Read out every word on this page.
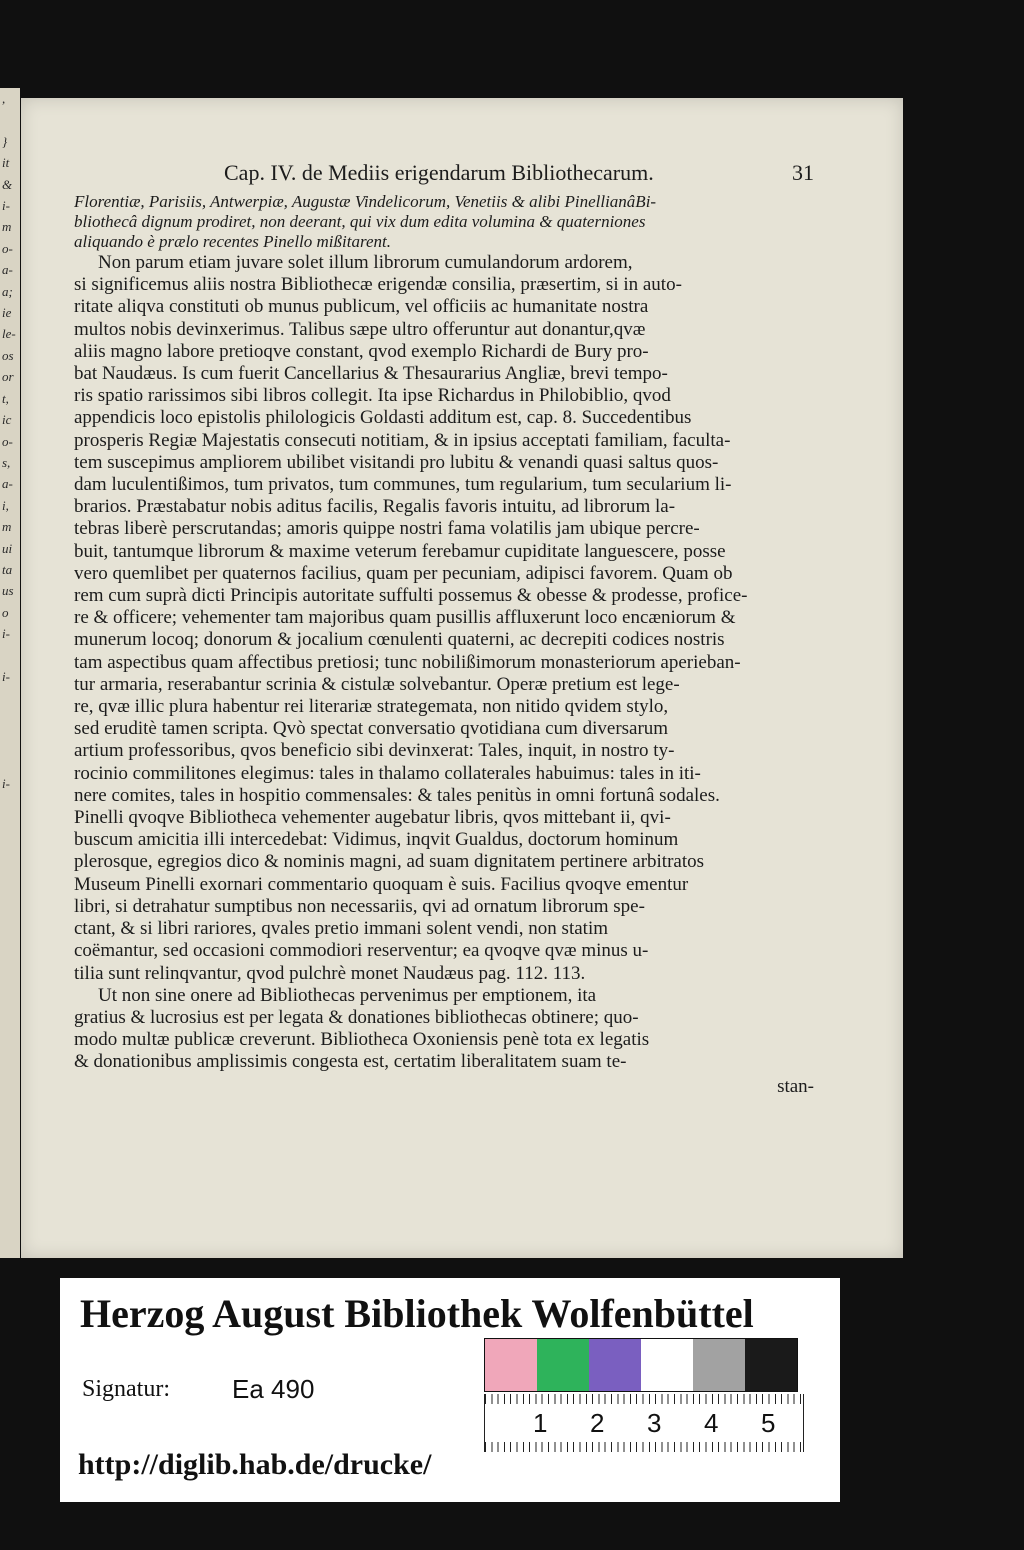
,

}
it
&
i-
m
o-
a-
a;
ie
le-
os
or
t,
ic
o-
s,
a-
i,
m
ui
ta
us
o
i-

i-

i-

Cap. IV. de Mediis erigendarum Bibliothecarum.	31
Florentiæ, Parisiis, Antwerpiæ, Augustæ Vindelicorum, Venetiis & alibi PinellianâBi-
bliothecâ dignum prodiret, non deerant, qui vix dum edita volumina & quaterniones
aliquando è prælo recentes Pinello mißitarent.
Non parum etiam juvare solet illum librorum cumulandorum ardorem,
si significemus aliis nostra Bibliothecæ erigendæ consilia, præsertim, si in auto-
ritate aliqva constituti ob munus publicum, vel officiis ac humanitate nostra
multos nobis devinxerimus. Talibus sæpe ultro offeruntur aut donantur,qvæ
aliis magno labore pretioqve constant, qvod exemplo Richardi de Bury pro-
bat Naudæus. Is cum fuerit Cancellarius & Thesaurarius Angliæ, brevi tempo-
ris spatio rarissimos sibi libros collegit. Ita ipse Richardus in Philobiblio, qvod
appendicis loco epistolis philologicis Goldasti additum est, cap. 8. Succedentibus
prosperis Regiæ Majestatis consecuti notitiam, & in ipsius acceptati familiam, faculta-
tem suscepimus ampliorem ubilibet visitandi pro lubitu & venandi quasi saltus quos-
dam luculentißimos, tum privatos, tum communes, tum regularium, tum secularium li-
brarios. Præstabatur nobis aditus facilis, Regalis favoris intuitu, ad librorum la-
tebras liberè perscrutandas; amoris quippe nostri fama volatilis jam ubique percre-
buit, tantumque librorum & maxime veterum ferebamur cupiditate languescere, posse
vero quemlibet per quaternos facilius, quam per pecuniam, adipisci favorem. Quam ob
rem cum suprà dicti Principis autoritate suffulti possemus & obesse & prodesse, profice-
re & officere; vehementer tam majoribus quam pusillis affluxerunt loco encæniorum &
munerum locoq; donorum & jocalium cœnulenti quaterni, ac decrepiti codices nostris
tam aspectibus quam affectibus pretiosi; tunc nobilißimorum monasteriorum aperieban-
tur armaria, reserabantur scrinia & cistulæ solvebantur. Operæ pretium est lege-
re, qvæ illic plura habentur rei literariæ strategemata, non nitido qvidem stylo,
sed eruditè tamen scripta. Qvò spectat conversatio qvotidiana cum diversarum
artium professoribus, qvos beneficio sibi devinxerat: Tales, inquit, in nostro ty-
rocinio commilitones elegimus: tales in thalamo collaterales habuimus: tales in iti-
nere comites, tales in hospitio commensales: & tales penitùs in omni fortunâ sodales.
Pinelli qvoqve Bibliotheca vehementer augebatur libris, qvos mittebant ii, qvi-
buscum amicitia illi intercedebat: Vidimus, inqvit Gualdus, doctorum hominum
plerosque, egregios dico & nominis magni, ad suam dignitatem pertinere arbitratos
Museum Pinelli exornari commentario quoquam è suis. Facilius qvoqve ementur
libri, si detrahatur sumptibus non necessariis, qvi ad ornatum librorum spe-
ctant, & si libri rariores, qvales pretio immani solent vendi, non statim
coëmantur, sed occasioni commodiori reserventur; ea qvoqve qvæ minus u-
tilia sunt relinqvantur, qvod pulchrè monet Naudæus pag. 112. 113.
Ut non sine onere ad Bibliothecas pervenimus per emptionem, ita
gratius & lucrosius est per legata & donationes bibliothecas obtinere; quo-
modo multæ publicæ creverunt. Bibliotheca Oxoniensis penè tota ex legatis
& donationibus amplissimis congesta est, certatim liberalitatem suam te-
stan-
Herzog August Bibliothek Wolfenbüttel
Signatur: Ea 490
1 2 3 4 5
http://diglib.hab.de/drucke/
